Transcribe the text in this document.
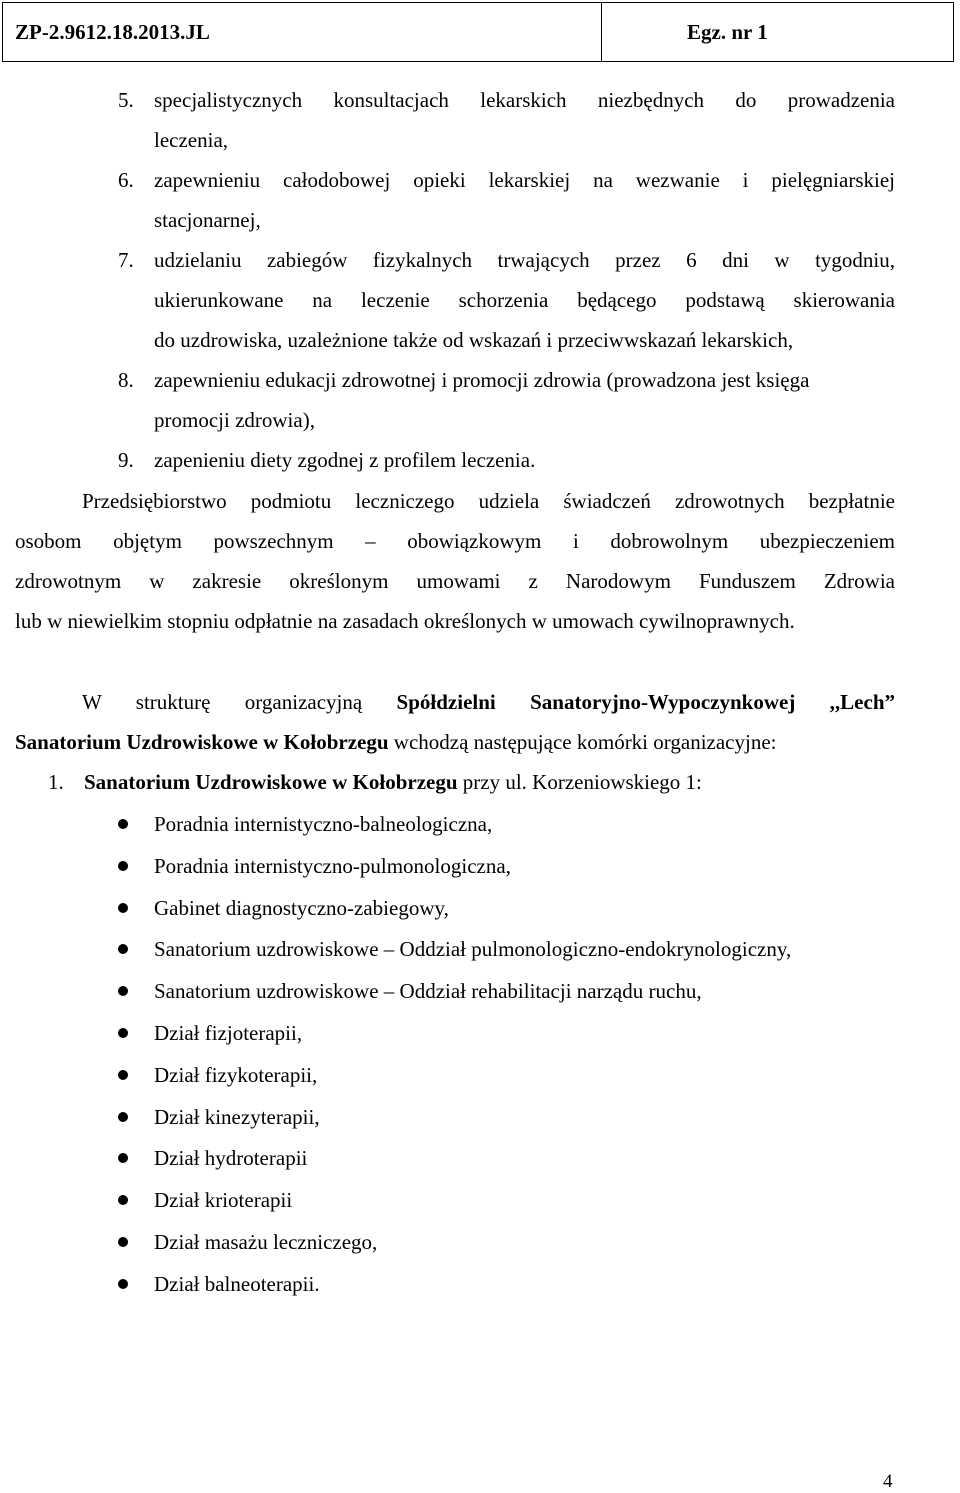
ZP-2.9612.18.2013.JL	Egz. nr 1
5. specjalistycznych konsultacjach lekarskich niezbędnych do prowadzenia
leczenia,
6. zapewnieniu całodobowej opieki lekarskiej na wezwanie i pielęgniarskiej
stacjonarnej,
7. udzielaniu zabiegów fizykalnych trwających przez 6 dni w tygodniu,
ukierunkowane na leczenie schorzenia będącego podstawą skierowania
do uzdrowiska, uzależnione także od wskazań i przeciwwskazań lekarskich,
8. zapewnieniu edukacji zdrowotnej i promocji zdrowia (prowadzona jest księga
promocji zdrowia),
9. zapenieniu diety zgodnej z profilem leczenia.
Przedsiębiorstwo podmiotu leczniczego udziela świadczeń zdrowotnych bezpłatnie
osobom objętym powszechnym – obowiązkowym i dobrowolnym ubezpieczeniem
zdrowotnym w zakresie określonym umowami z Narodowym Funduszem Zdrowia
lub w niewielkim stopniu odpłatnie na zasadach określonych w umowach cywilnoprawnych.
W strukturę organizacyjną Spółdzielni Sanatoryjno-Wypoczynkowej ,,Lech”
Sanatorium Uzdrowiskowe w Kołobrzegu wchodzą następujące komórki organizacyjne:
1. Sanatorium Uzdrowiskowe w Kołobrzegu przy ul. Korzeniowskiego 1:
Poradnia internistyczno-balneologiczna,
Poradnia internistyczno-pulmonologiczna,
Gabinet diagnostyczno-zabiegowy,
Sanatorium uzdrowiskowe – Oddział pulmonologiczno-endokrynologiczny,
Sanatorium uzdrowiskowe – Oddział rehabilitacji narządu ruchu,
Dział fizjoterapii,
Dział fizykoterapii,
Dział kinezyterapii,
Dział hydroterapii
Dział krioterapii
Dział masażu leczniczego,
Dział balneoterapii.
4
